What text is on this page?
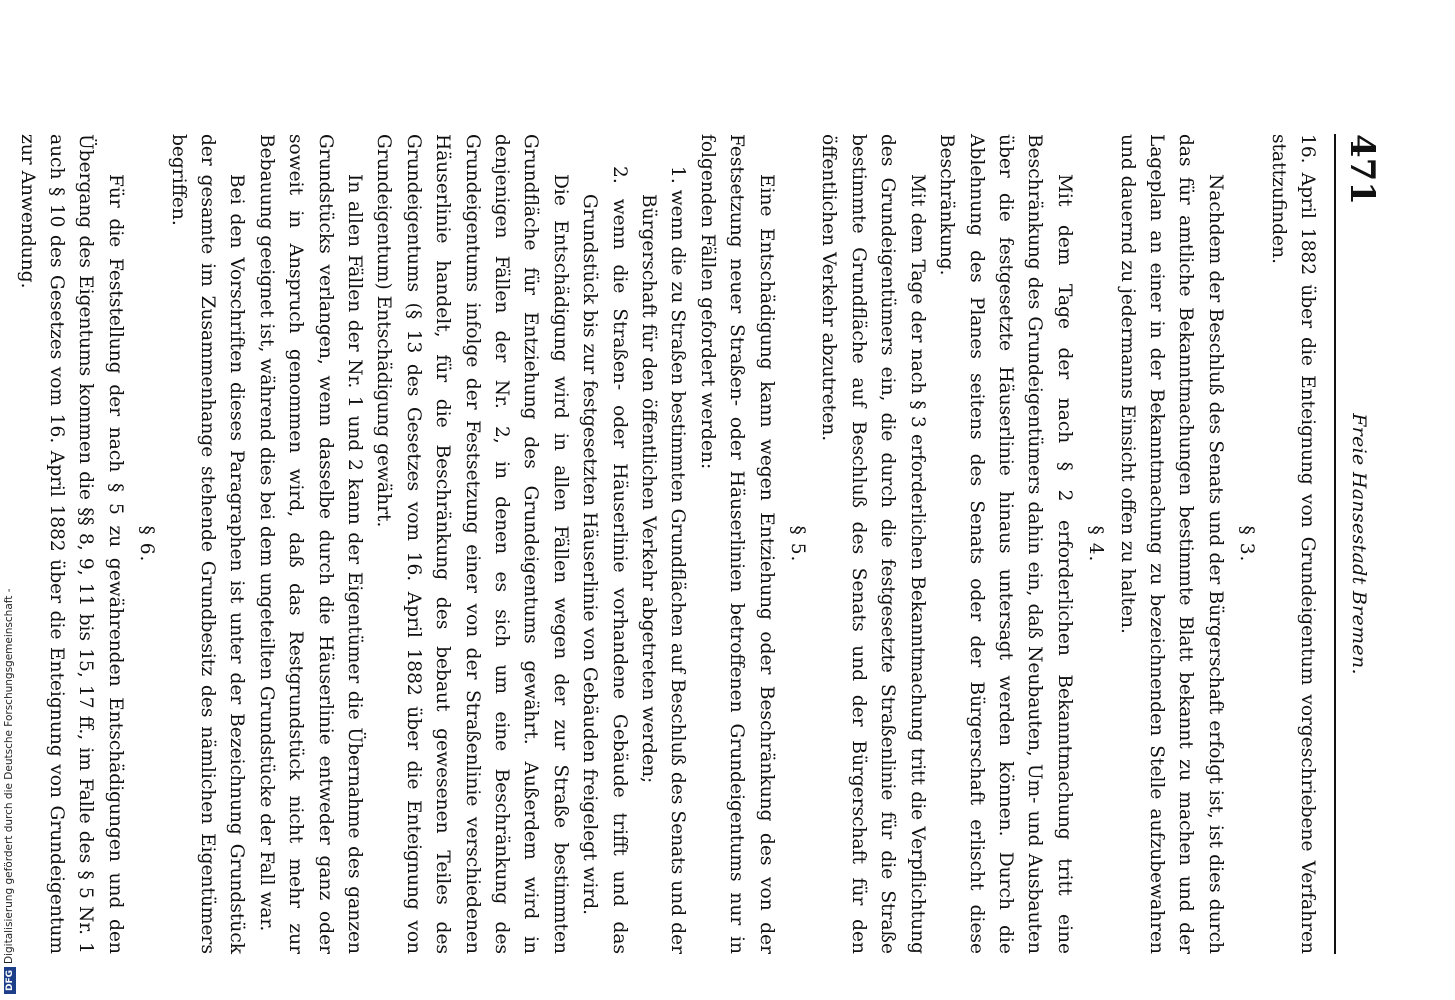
Freie Hansestadt Bremen.
471

16. April 1882 über die Enteignung von Grundeigentum vorgeschriebene Verfahren stattzufinden.

§ 3.

Nachdem der Beschluß des Senats und der Bürgerschaft erfolgt ist, ist dies durch das für amtliche Bekanntmachungen bestimmte Blatt bekannt zu machen und der Lageplan an einer in der Bekanntmachung zu bezeichnenden Stelle aufzubewahren und dauernd zu jedermanns Einsicht offen zu halten.

§ 4.

Mit dem Tage der nach § 2 erforderlichen Bekanntmachung tritt eine Beschränkung des Grundeigentümers dahin ein, daß Neubauten, Um- und Ausbauten über die festgesetzte Häuserlinie hinaus untersagt werden können. Durch die Ablehnung des Planes seitens des Senats oder der Bürgerschaft erlischt diese Beschränkung.

Mit dem Tage der nach § 3 erforderlichen Bekanntmachung tritt die Verpflichtung des Grundeigentümers ein, die durch die festgesetzte Straßenlinie für die Straße bestimmte Grundfläche auf Beschluß des Senats und der Bürgerschaft für den öffentlichen Verkehr abzutreten.

§ 5.

Eine Entschädigung kann wegen Entziehung oder Beschränkung des von der Festsetzung neuer Straßen- oder Häuserlinien betroffenen Grundeigentums nur in folgenden Fällen gefordert werden:

1. wenn die zu Straßen bestimmten Grundflächen auf Beschluß des Senats und der Bürgerschaft für den öffentlichen Verkehr abgetreten werden;

2. wenn die Straßen- oder Häuserlinie vorhandene Gebäude trifft und das Grundstück bis zur festgesetzten Häuserlinie von Gebäuden freigelegt wird.

Die Entschädigung wird in allen Fällen wegen der zur Straße bestimmten Grundfläche für Entziehung des Grundeigentums gewährt. Außerdem wird in denjenigen Fällen der Nr. 2, in denen es sich um eine Beschränkung des Grundeigentums infolge der Festsetzung einer von der Straßenlinie verschiedenen Häuserlinie handelt, für die Beschränkung des bebaut gewesenen Teiles des Grundeigentums (§ 13 des Gesetzes vom 16. April 1882 über die Enteignung von Grundeigentum) Entschädigung gewährt.

In allen Fällen der Nr. 1 und 2 kann der Eigentümer die Übernahme des ganzen Grundstücks verlangen, wenn dasselbe durch die Häuserlinie entweder ganz oder soweit in Anspruch genommen wird, daß das Restgrundstück nicht mehr zur Bebauung geeignet ist, während dies bei dem ungeteilten Grundstücke der Fall war.

Bei den Vorschriften dieses Paragraphen ist unter der Bezeichnung Grundstück der gesamte im Zusammenhange stehende Grundbesitz des nämlichen Eigentümers begriffen.

§ 6.

Für die Feststellung der nach § 5 zu gewährenden Entschädigungen und den Übergang des Eigentums kommen die §§ 8, 9, 11 bis 15, 17 ff., im Falle des § 5 Nr. 1 auch § 10 des Gesetzes vom 16. April 1882 über die Enteignung von Grundeigentum zur Anwendung.

DFGDigitalisierung gefördert durch die Deutsche Forschungsgemeinschaft -
